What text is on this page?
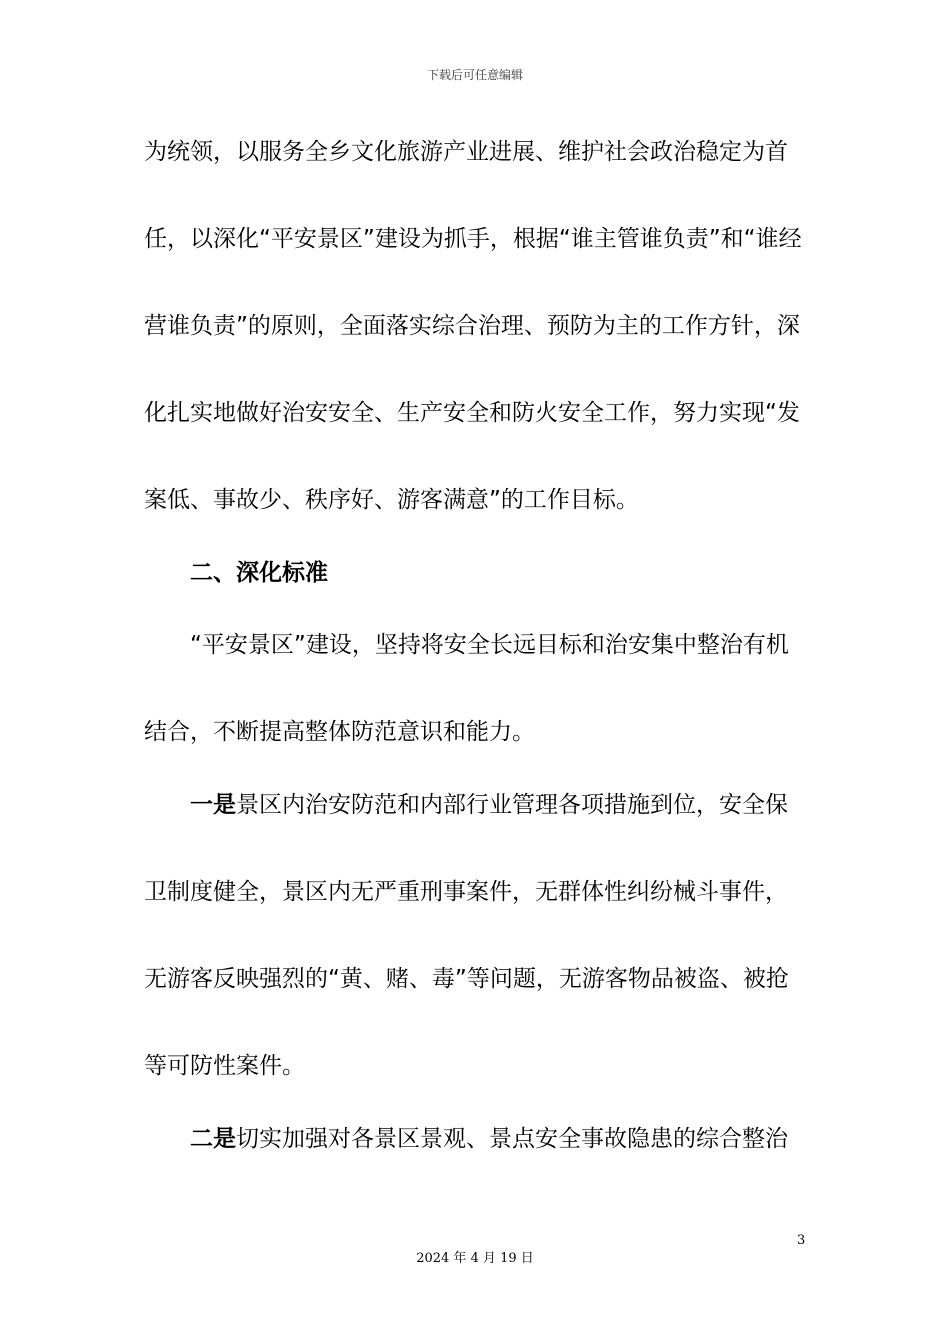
下载后可任意编辑
为统领，以服务全乡文化旅游产业进展、维护社会政治稳定为首
任，以深化“平安景区”建设为抓手，根据“谁主管谁负责”和“谁经
营谁负责”的原则，全面落实综合治理、预防为主的工作方针，深
化扎实地做好治安安全、生产安全和防火安全工作，努力实现“发
案低、事故少、秩序好、游客满意”的工作目标。
二、深化标准
“平安景区”建设，坚持将安全长远目标和治安集中整治有机
结合，不断提高整体防范意识和能力。
一是景区内治安防范和内部行业管理各项措施到位，安全保
卫制度健全，景区内无严重刑事案件，无群体性纠纷械斗事件，
无游客反映强烈的“黄、赌、毒”等问题，无游客物品被盗、被抢
等可防性案件。
二是切实加强对各景区景观、景点安全事故隐患的综合整治
3
2024 年 4 月 19 日
